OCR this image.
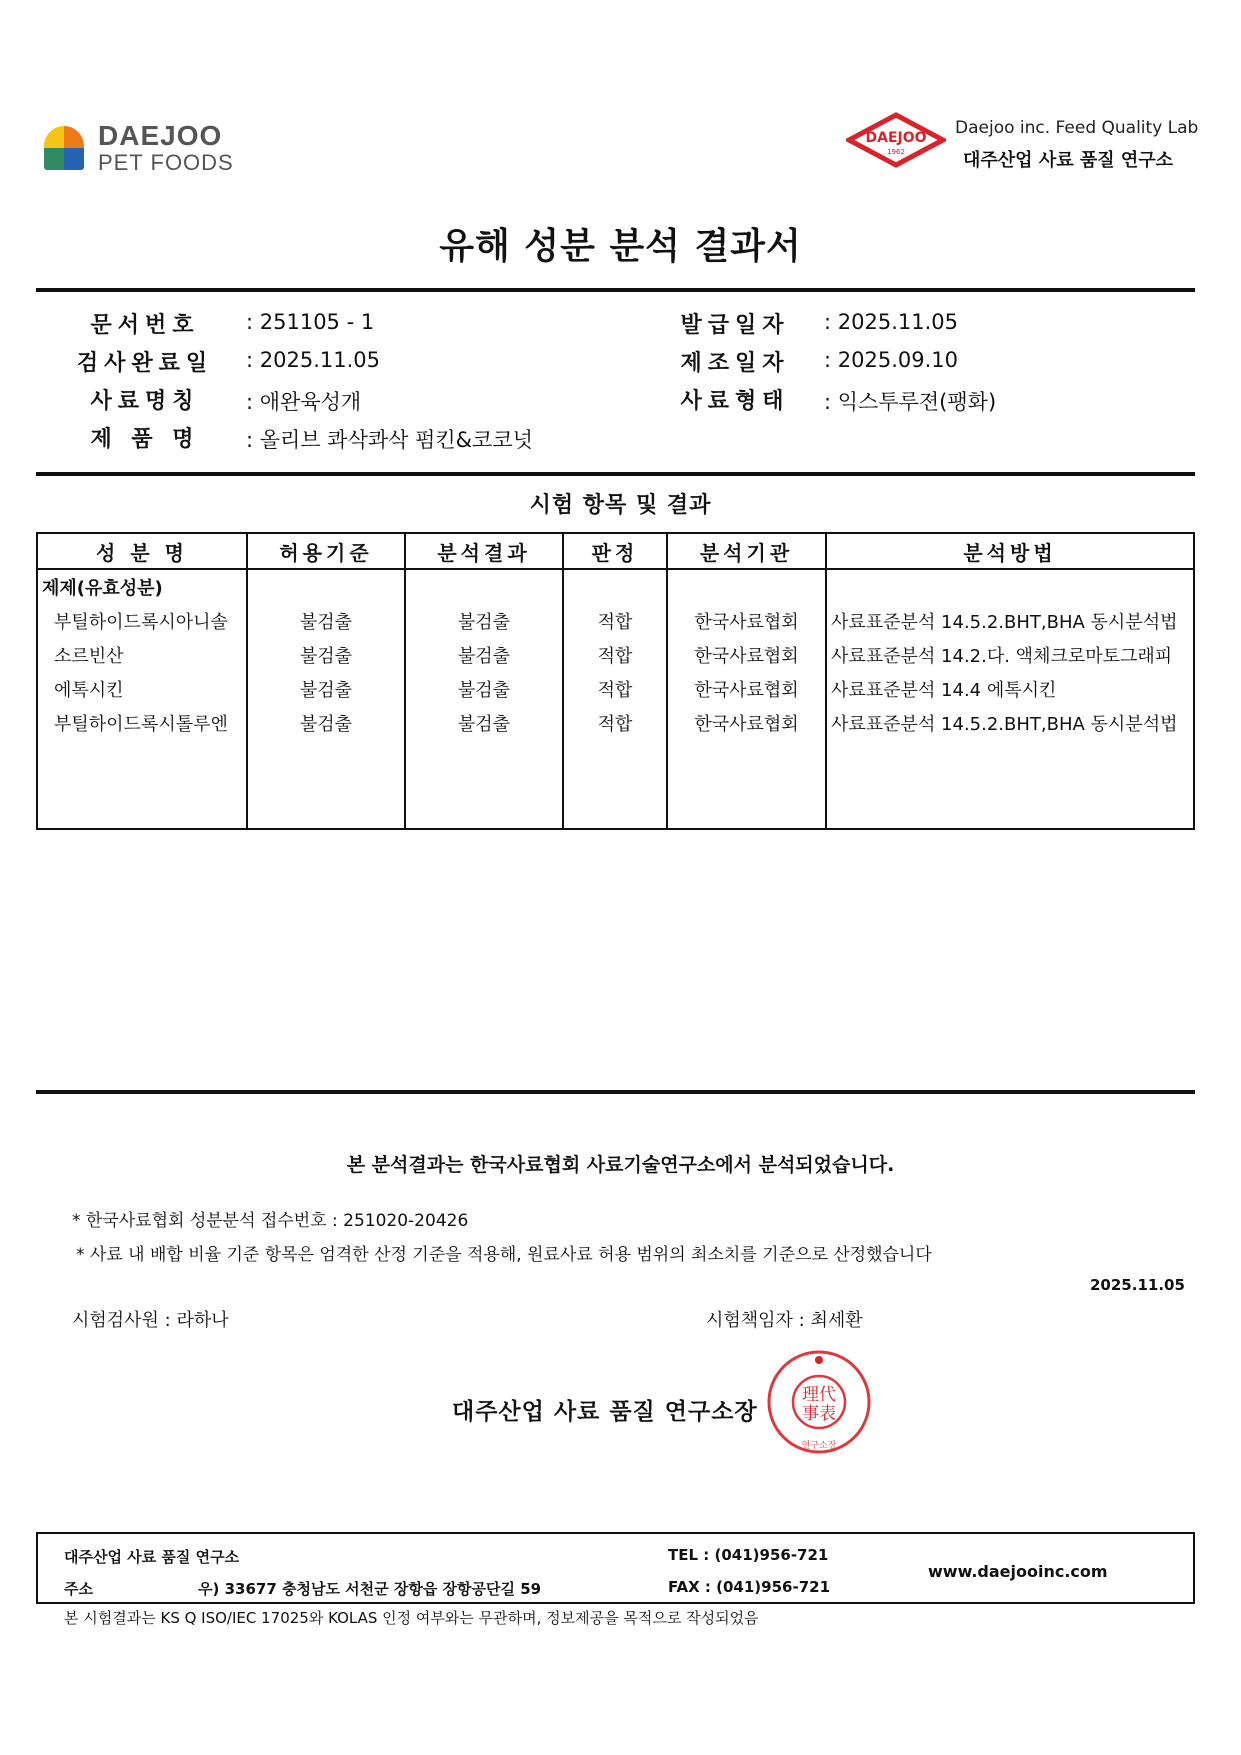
DAEJOO
PET FOODS
DAEJOO
1962
Daejoo inc. Feed Quality Lab
대주산업 사료 품질 연구소
유해 성분 분석 결과서
문서번호	: 251105 - 1
검사완료일	: 2025.11.05
사료명칭	: 애완육성개
제 품 명	: 올리브 콰삭콰삭 펌킨&코코넛
발급일자	: 2025.11.05
제조일자	: 2025.09.10
사료형태	: 익스투루젼(팽화)
시험 항목 및 결과
성 분 명	허용기준	분석결과	판정	분석기관	분석방법
제제(유효성분)					
부틸하이드록시아니솔	불검출	불검출	적합	한국사료협회	사료표준분석 14.5.2.BHT,BHA 동시분석법
소르빈산	불검출	불검출	적합	한국사료협회	사료표준분석 14.2.다. 액체크로마토그래피
에톡시킨	불검출	불검출	적합	한국사료협회	사료표준분석 14.4 에톡시킨
부틸하이드록시톨루엔	불검출	불검출	적합	한국사료협회	사료표준분석 14.5.2.BHT,BHA 동시분석법

본 분석결과는 한국사료협회 사료기술연구소에서 분석되었습니다.
* 한국사료협회 성분분석 접수번호 : 251020-20426
* 사료 내 배합 비율 기준 항목은 엄격한 산정 기준을 적용해, 원료사료 허용 범위의 최소치를 기준으로 산정했습니다
2025.11.05
시험검사원 : 라하나	시험책임자 : 최세환
대주산업 사료 품질 연구소장
理代
事表
연구소장
대주산업 사료 품질 연구소
주소	우) 33677 충청남도 서천군 장항읍 장항공단길 59
TEL : (041)956-721
FAX : (041)956-721
www.daejooinc.com
본 시험결과는 KS Q ISO/IEC 17025와 KOLAS 인정 여부와는 무관하며, 정보제공을 목적으로 작성되었음
